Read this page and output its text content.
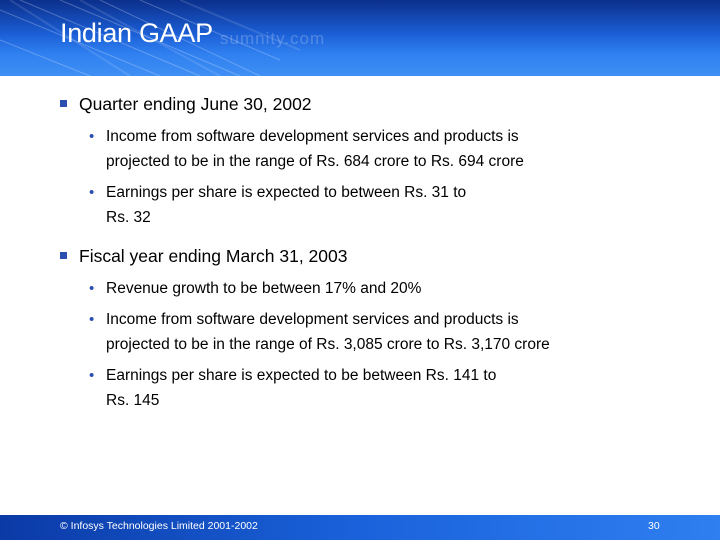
Indian GAAP sumnity.com
Quarter ending June 30, 2002
• Income from software development services and products is
projected to be in the range of Rs. 684 crore to Rs. 694 crore
• Earnings per share is expected to between Rs. 31 to
Rs. 32
Fiscal year ending March 31, 2003
• Revenue growth to be between 17% and 20%
• Income from software development services and products is
projected to be in the range of Rs. 3,085 crore to Rs. 3,170 crore
• Earnings per share is expected to be between Rs. 141 to
Rs. 145
© Infosys Technologies Limited 2001-2002	30
